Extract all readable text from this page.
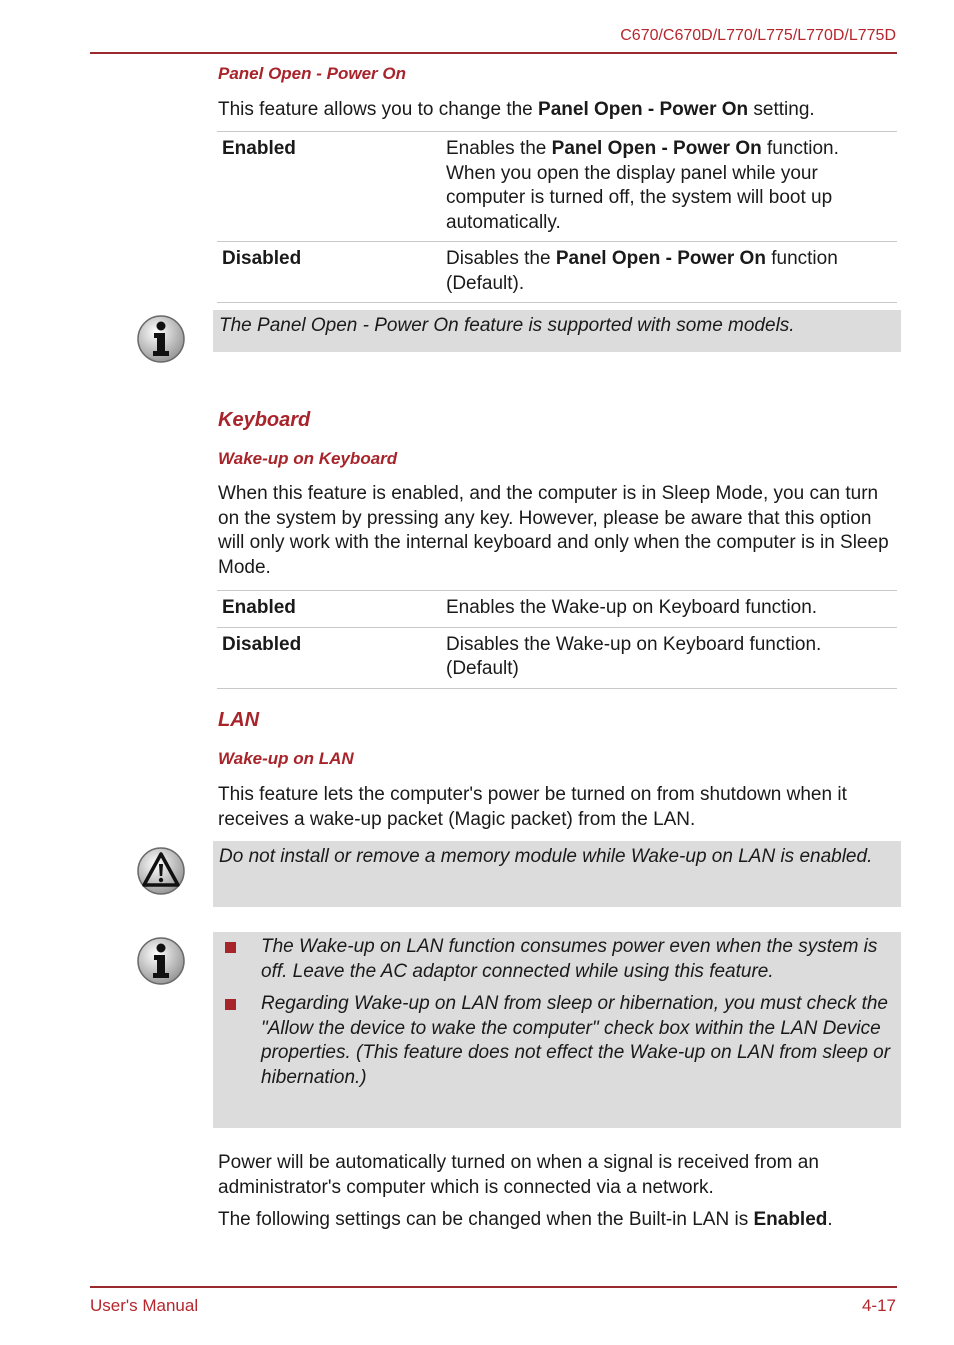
C670/C670D/L770/L775/L770D/L775D
Panel Open - Power On
This feature allows you to change the Panel Open - Power On setting.
Enabled	Enables the Panel Open - Power On function. When you open the display panel while your computer is turned off, the system will boot up automatically.
Disabled	Disables the Panel Open - Power On function (Default).
The Panel Open - Power On feature is supported with some models.
Keyboard
Wake-up on Keyboard
When this feature is enabled, and the computer is in Sleep Mode, you can turn on the system by pressing any key. However, please be aware that this option will only work with the internal keyboard and only when the computer is in Sleep Mode.
Enabled	Enables the Wake-up on Keyboard function.
Disabled	Disables the Wake-up on Keyboard function. (Default)
LAN
Wake-up on LAN
This feature lets the computer's power be turned on from shutdown when it receives a wake-up packet (Magic packet) from the LAN.
Do not install or remove a memory module while Wake-up on LAN is enabled.
The Wake-up on LAN function consumes power even when the system is off. Leave the AC adaptor connected while using this feature.
Regarding Wake-up on LAN from sleep or hibernation, you must check the "Allow the device to wake the computer" check box within the LAN Device properties. (This feature does not effect the Wake-up on LAN from sleep or hibernation.)
Power will be automatically turned on when a signal is received from an administrator's computer which is connected via a network.
The following settings can be changed when the Built-in LAN is Enabled.
User's Manual	4-17
